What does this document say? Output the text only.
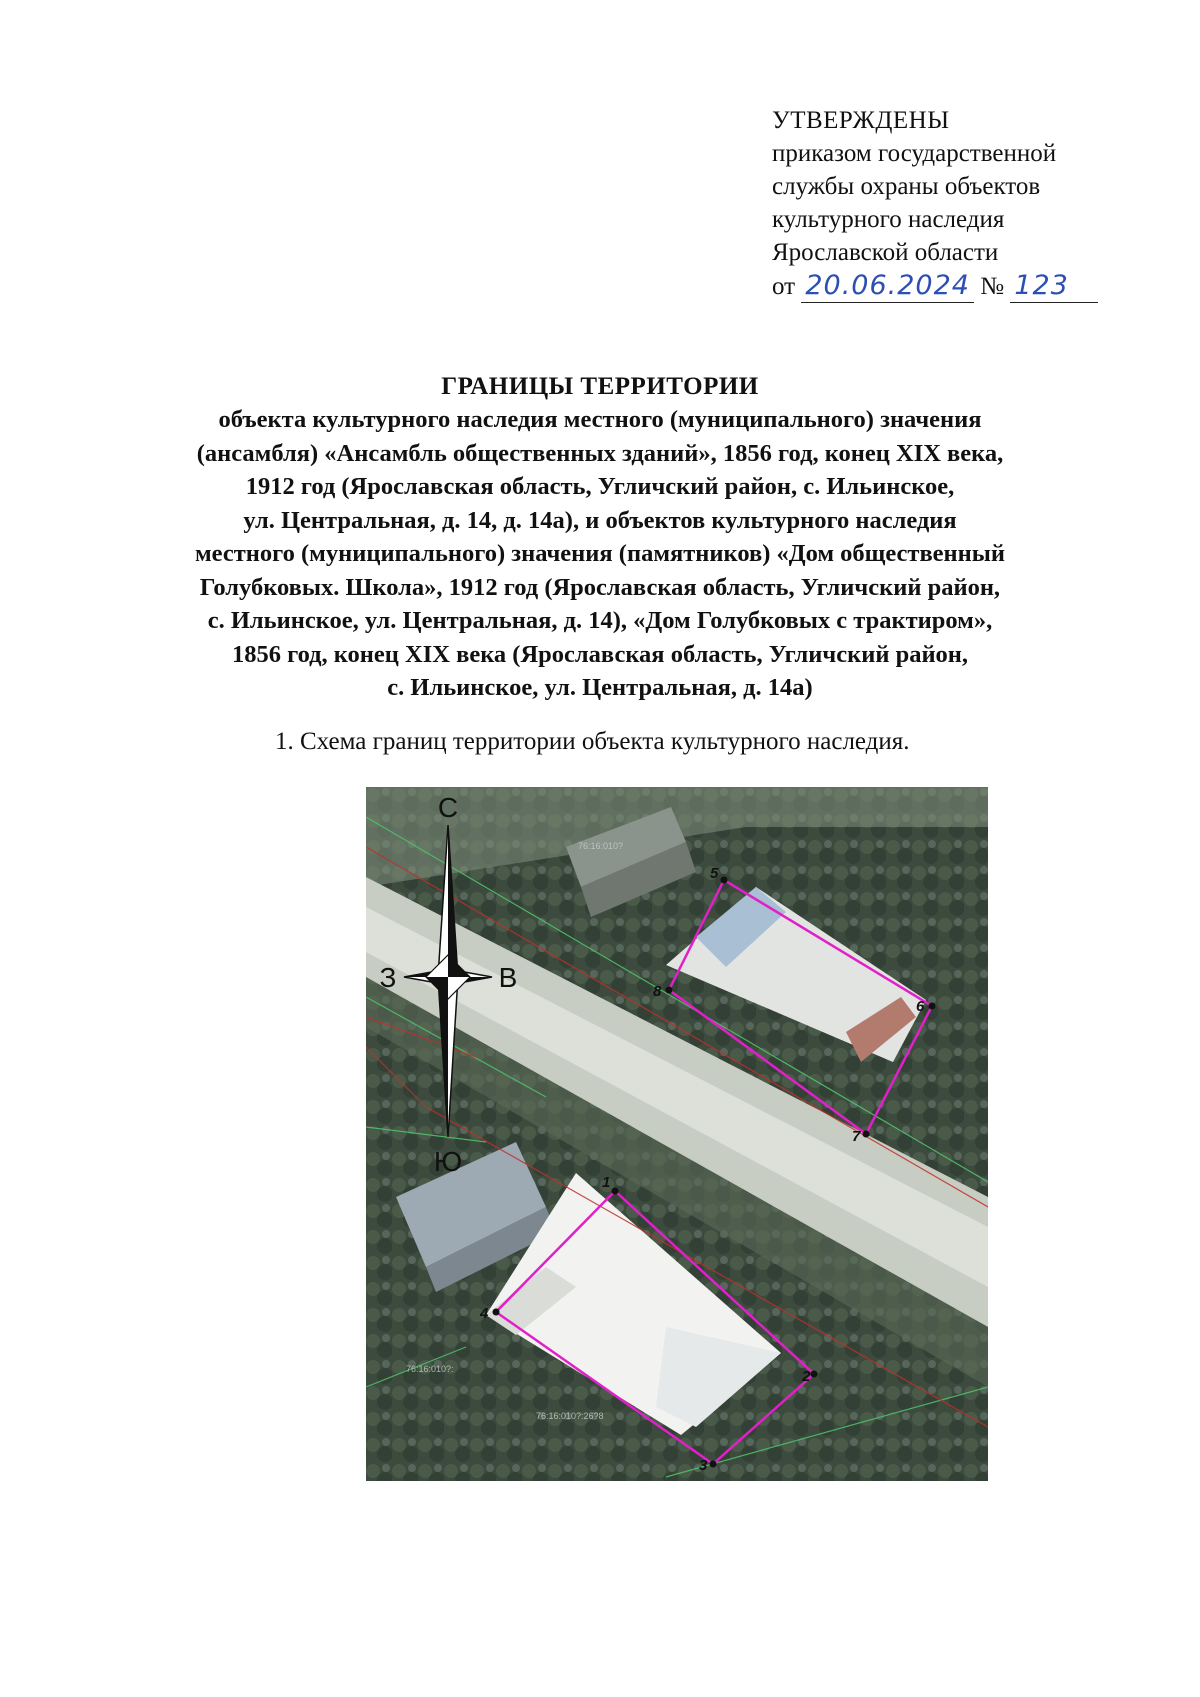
УТВЕРЖДЕНЫ
приказом государственной
службы охраны объектов
культурного наследия
Ярославской области
от 20.06.2024 № 123
ГРАНИЦЫ ТЕРРИТОРИИ
объекта культурного наследия местного (муниципального) значения
(ансамбля) «Ансамбль общественных зданий», 1856 год, конец XIX века,
1912 год (Ярославская область, Угличский район, с. Ильинское,
ул. Центральная, д. 14, д. 14а), и объектов культурного наследия
местного (муниципального) значения (памятников) «Дом общественный
Голубковых. Школа», 1912 год (Ярославская область, Угличский район,
с. Ильинское, ул. Центральная, д. 14), «Дом Голубковых с трактиром»,
1856 год, конец XIX века (Ярославская область, Угличский район,
с. Ильинское, ул. Центральная, д. 14а)
1. Схема границ территории объекта культурного наследия.
1
2
3
4
5
6
7
8
76:16:010?
76:16:010?:26?8
76:16:010?:
С
Ю
З	В
